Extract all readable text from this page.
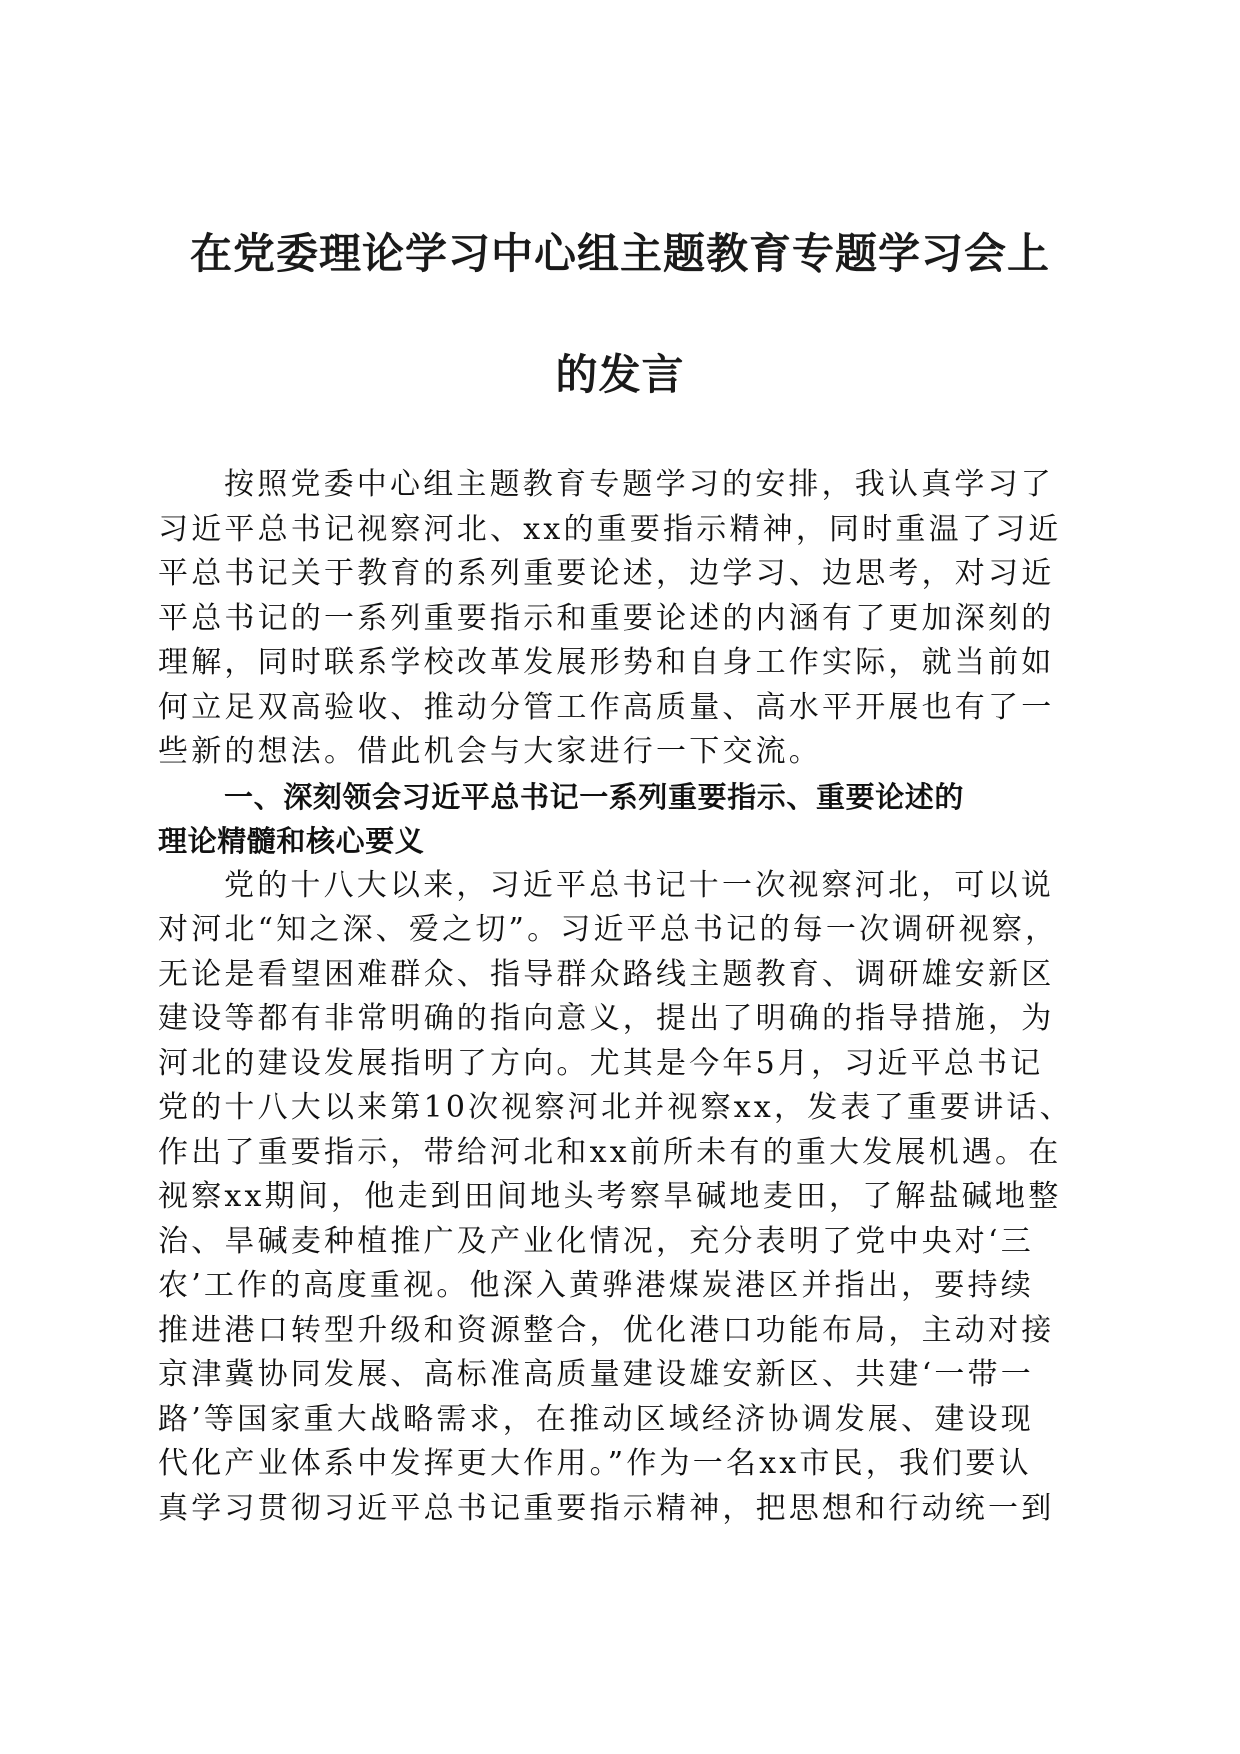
在党委理论学习中心组主题教育专题学习会上
的发言
按照党委中心组主题教育专题学习的安排，我认真学习了
习近平总书记视察河北、xx的重要指示精神，同时重温了习近
平总书记关于教育的系列重要论述，边学习、边思考，对习近
平总书记的一系列重要指示和重要论述的内涵有了更加深刻的
理解，同时联系学校改革发展形势和自身工作实际，就当前如
何立足双高验收、推动分管工作高质量、高水平开展也有了一
些新的想法。借此机会与大家进行一下交流。
一、深刻领会习近平总书记一系列重要指示、重要论述的
理论精髓和核心要义
党的十八大以来，习近平总书记十一次视察河北，可以说
对河北“知之深、爱之切”。习近平总书记的每一次调研视察，
无论是看望困难群众、指导群众路线主题教育、调研雄安新区
建设等都有非常明确的指向意义，提出了明确的指导措施，为
河北的建设发展指明了方向。尤其是今年5月，习近平总书记
党的十八大以来第10次视察河北并视察xx，发表了重要讲话、
作出了重要指示，带给河北和xx前所未有的重大发展机遇。在
视察xx期间，他走到田间地头考察旱碱地麦田，了解盐碱地整
治、旱碱麦种植推广及产业化情况，充分表明了党中央对‘三
农’工作的高度重视。他深入黄骅港煤炭港区并指出，要持续
推进港口转型升级和资源整合，优化港口功能布局，主动对接
京津冀协同发展、高标准高质量建设雄安新区、共建‘一带一
路’等国家重大战略需求，在推动区域经济协调发展、建设现
代化产业体系中发挥更大作用。”作为一名xx市民，我们要认
真学习贯彻习近平总书记重要指示精神，把思想和行动统一到
